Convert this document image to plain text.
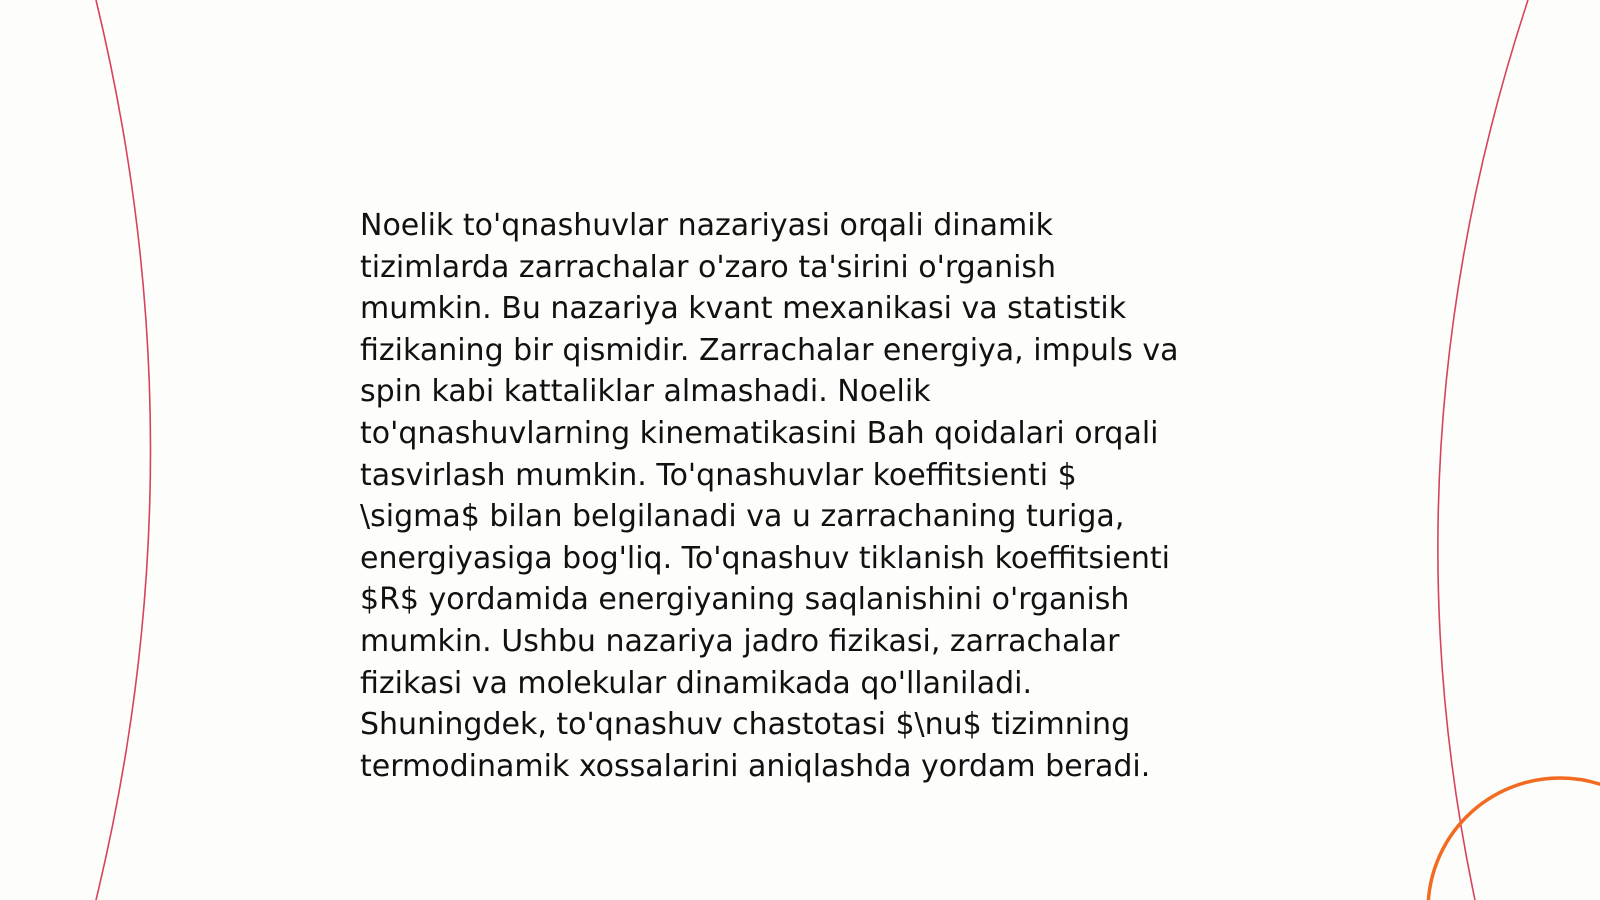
Noelik to'qnashuvlar nazariyasi orqali dinamik
tizimlarda zarrachalar o'zaro ta'sirini o'rganish
mumkin. Bu nazariya kvant mexanikasi va statistik
fizikaning bir qismidir. Zarrachalar energiya, impuls va
spin kabi kattaliklar almashadi. Noelik
to'qnashuvlarning kinematikasini Bah qoidalari orqali
tasvirlash mumkin. To'qnashuvlar koeffitsienti $
\sigma$ bilan belgilanadi va u zarrachaning turiga,
energiyasiga bog'liq. To'qnashuv tiklanish koeffitsienti
$R$ yordamida energiyaning saqlanishini o'rganish
mumkin. Ushbu nazariya jadro fizikasi, zarrachalar
fizikasi va molekular dinamikada qo'llaniladi.
Shuningdek, to'qnashuv chastotasi $\nu$ tizimning
termodinamik xossalarini aniqlashda yordam beradi.
